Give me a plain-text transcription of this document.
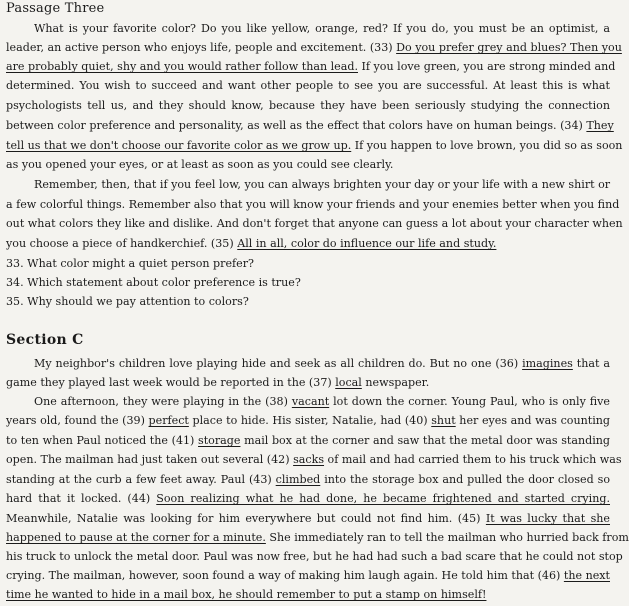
Passage Three
What is your favorite color? Do you like yellow, orange, red? If you do, you must be an optimist, a
leader, an active person who enjoys life, people and excitement. (33) Do you prefer grey and blues? Then you
are probably quiet, shy and you would rather follow than lead. If you love green, you are strong minded and
determined. You wish to succeed and want other people to see you are successful. At least this is what
psychologists tell us, and they should know, because they have been seriously studying the connection
between color preference and personality, as well as the effect that colors have on human beings. (34) They
tell us that we don't choose our favorite color as we grow up. If you happen to love brown, you did so as soon
as you opened your eyes, or at least as soon as you could see clearly.
Remember, then, that if you feel low, you can always brighten your day or your life with a new shirt or
a few colorful things. Remember also that you will know your friends and your enemies better when you find
out what colors they like and dislike. And don't forget that anyone can guess a lot about your character when
you choose a piece of handkerchief. (35) All in all, color do influence our life and study.
33. What color might a quiet person prefer?
34. Which statement about color preference is true?
35. Why should we pay attention to colors?
Section C
My neighbor's children love playing hide and seek as all children do. But no one (36) imagines that a
game they played last week would be reported in the (37) local newspaper.
One afternoon, they were playing in the (38) vacant lot down the corner. Young Paul, who is only five
years old, found the (39) perfect place to hide. His sister, Natalie, had (40) shut her eyes and was counting
to ten when Paul noticed the (41) storage mail box at the corner and saw that the metal door was standing
open. The mailman had just taken out several (42) sacks of mail and had carried them to his truck which was
standing at the curb a few feet away. Paul (43) climbed into the storage box and pulled the door closed so
hard that it locked. (44) Soon realizing what he had done, he became frightened and started crying.
Meanwhile, Natalie was looking for him everywhere but could not find him. (45) It was lucky that she
happened to pause at the corner for a minute. She immediately ran to tell the mailman who hurried back from
his truck to unlock the metal door. Paul was now free, but he had had such a bad scare that he could not stop
crying. The mailman, however, soon found a way of making him laugh again. He told him that (46) the next
time he wanted to hide in a mail box, he should remember to put a stamp on himself!
